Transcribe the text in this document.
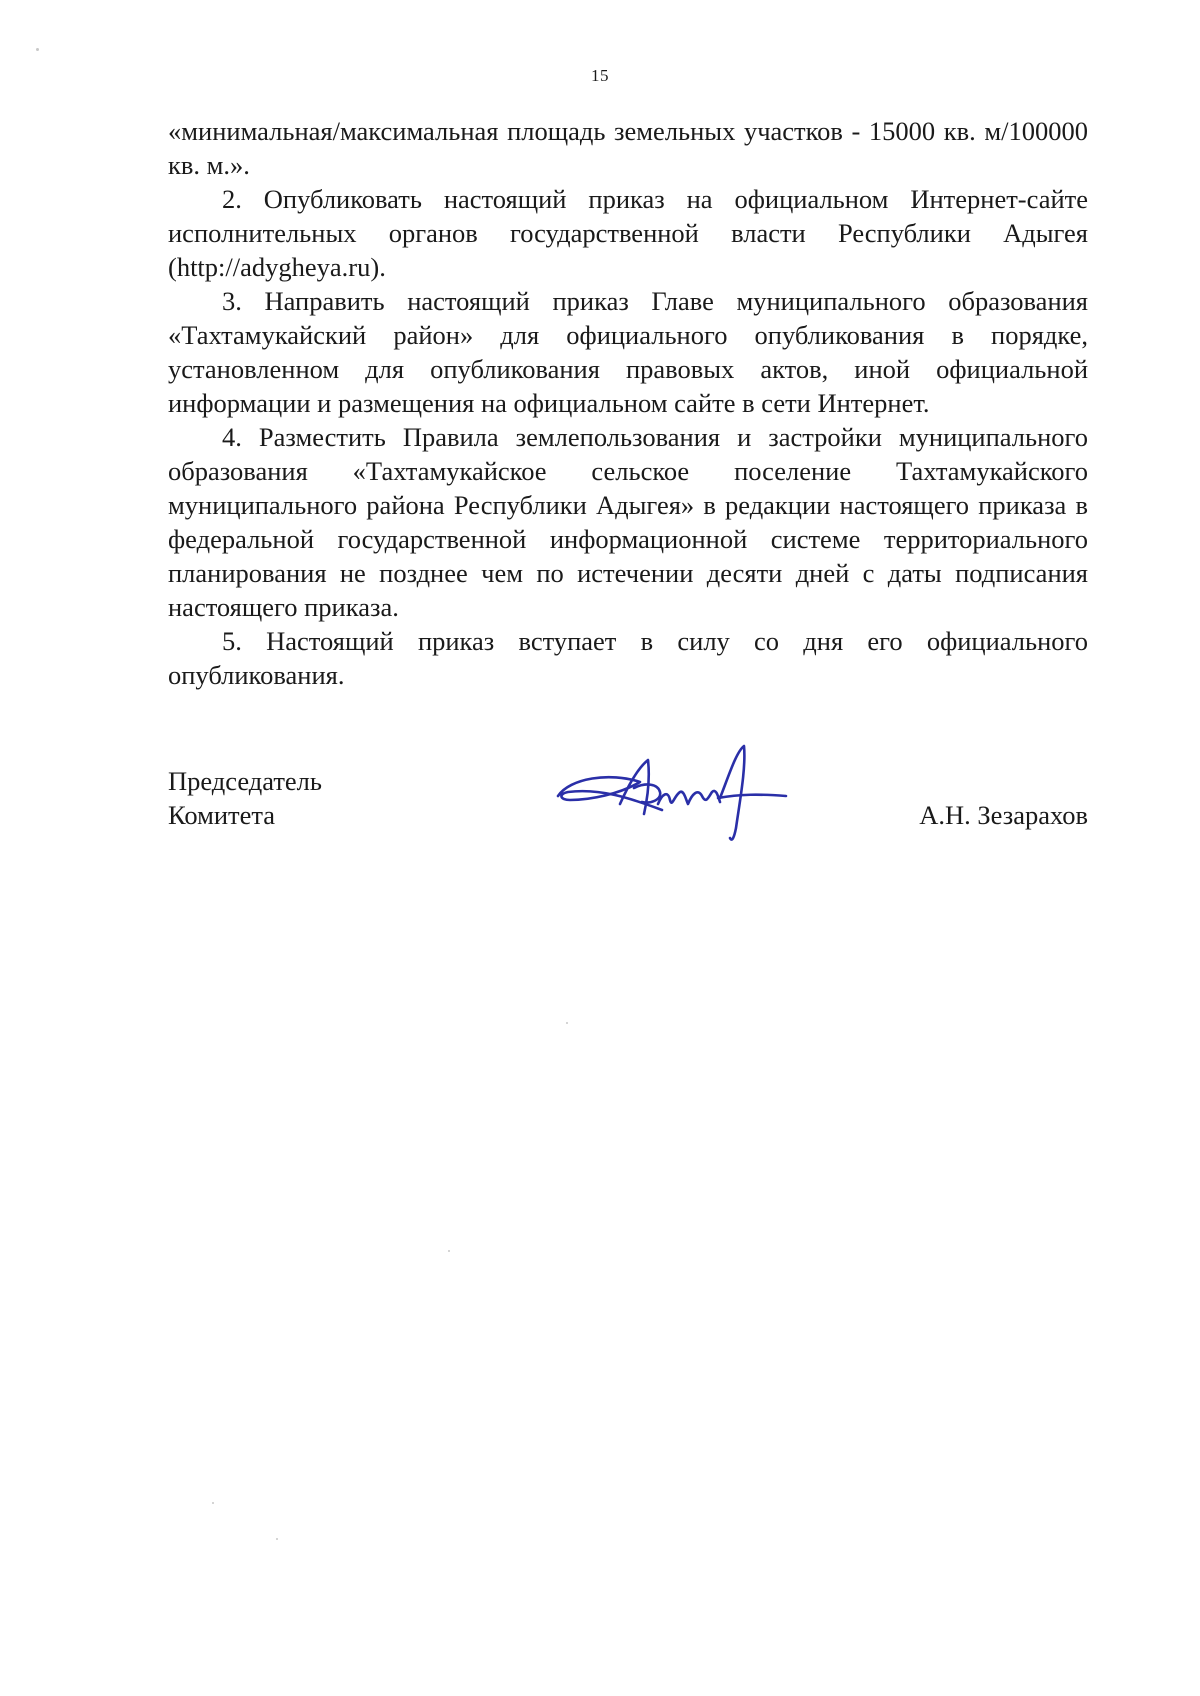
15

«минимальная/максимальная площадь земельных участков - 15000 кв. м/100000 кв. м.».

2. Опубликовать настоящий приказ на официальном Интернет-сайте исполнительных органов государственной власти Республики Адыгея (http://adygheya.ru).

3. Направить настоящий приказ Главе муниципального образования «Тахтамукайский район» для официального опубликования в порядке, установленном для опубликования правовых актов, иной официальной информации и размещения на официальном сайте в сети Интернет.

4. Разместить Правила землепользования и застройки муниципального образования «Тахтамукайское сельское поселение Тахтамукайского муниципального района Республики Адыгея» в редакции настоящего приказа в федеральной государственной информационной системе территориального планирования не позднее чем по истечении десяти дней с даты подписания настоящего приказа.

5. Настоящий приказ вступает в силу со дня его официального опубликования.

Председатель
Комитета	А.Н. Зезарахов
